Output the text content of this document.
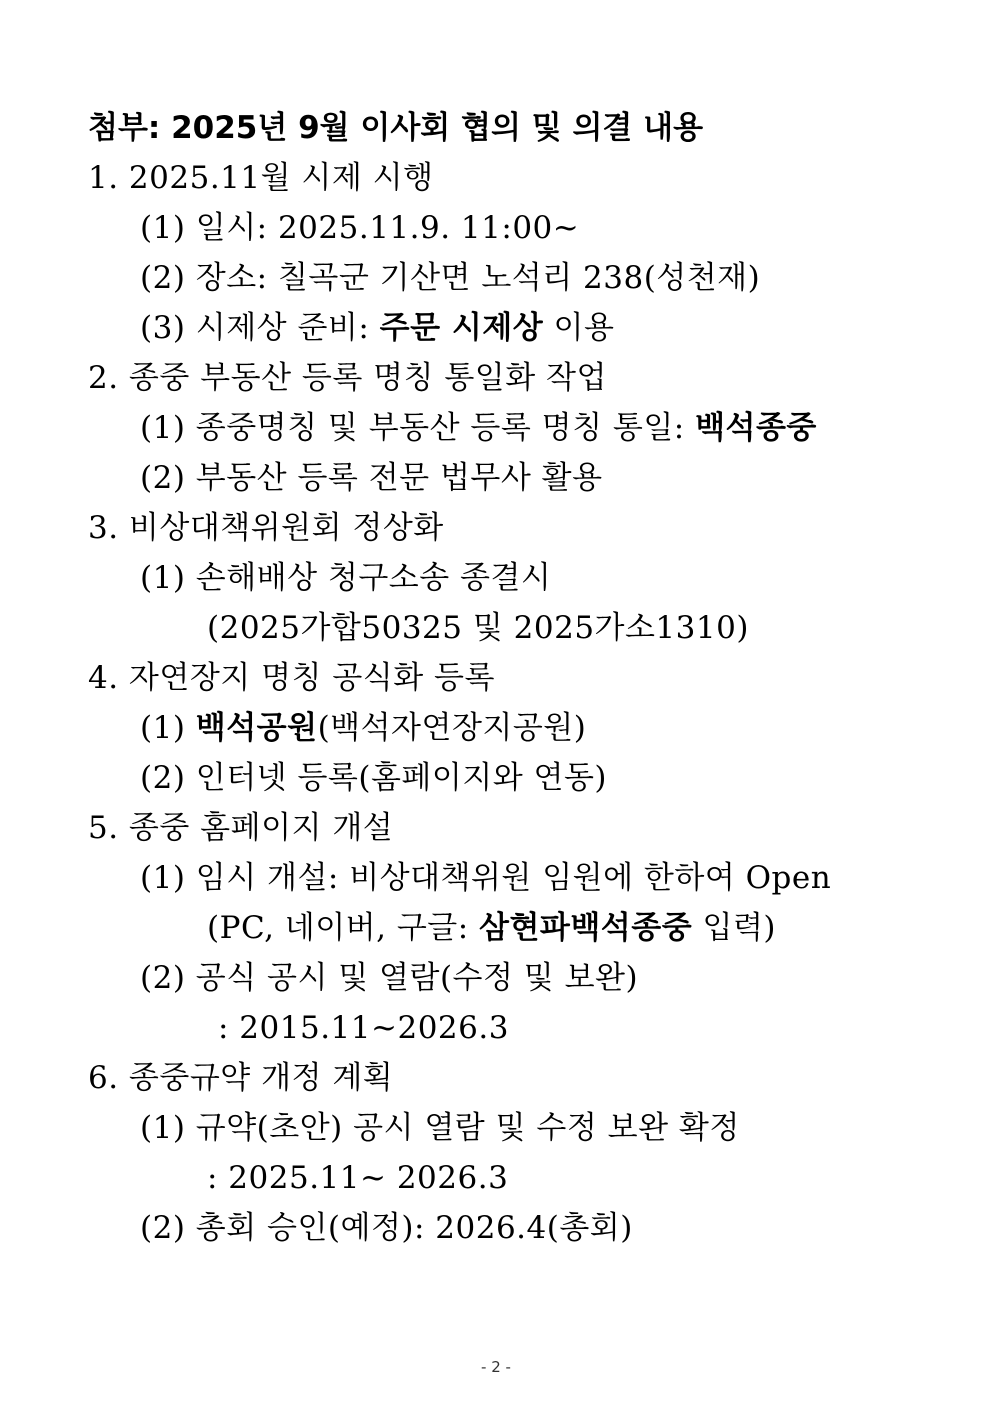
첨부: 2025년 9월 이사회 협의 및 의결 내용
1. 2025.11월 시제 시행
(1) 일시: 2025.11.9. 11:00~
(2) 장소: 칠곡군 기산면 노석리 238(성천재)
(3) 시제상 준비: 주문 시제상 이용
2. 종중 부동산 등록 명칭 통일화 작업
(1) 종중명칭 및 부동산 등록 명칭 통일: 백석종중
(2) 부동산 등록 전문 법무사 활용
3. 비상대책위원회 정상화
(1) 손해배상 청구소송 종결시
(2025가합50325 및 2025가소1310)
4. 자연장지 명칭 공식화 등록
(1) 백석공원(백석자연장지공원)
(2) 인터넷 등록(홈페이지와 연동)
5. 종중 홈페이지 개설
(1) 임시 개설: 비상대책위원 임원에 한하여 Open
(PC, 네이버, 구글: 삼현파백석종중 입력)
(2) 공식 공시 및 열람(수정 및 보완)
: 2015.11~2026.3
6. 종중규약 개정 계획
(1) 규약(초안) 공시 열람 및 수정 보완 확정
: 2025.11~ 2026.3
(2) 총회 승인(예정): 2026.4(총회)
- 2 -
